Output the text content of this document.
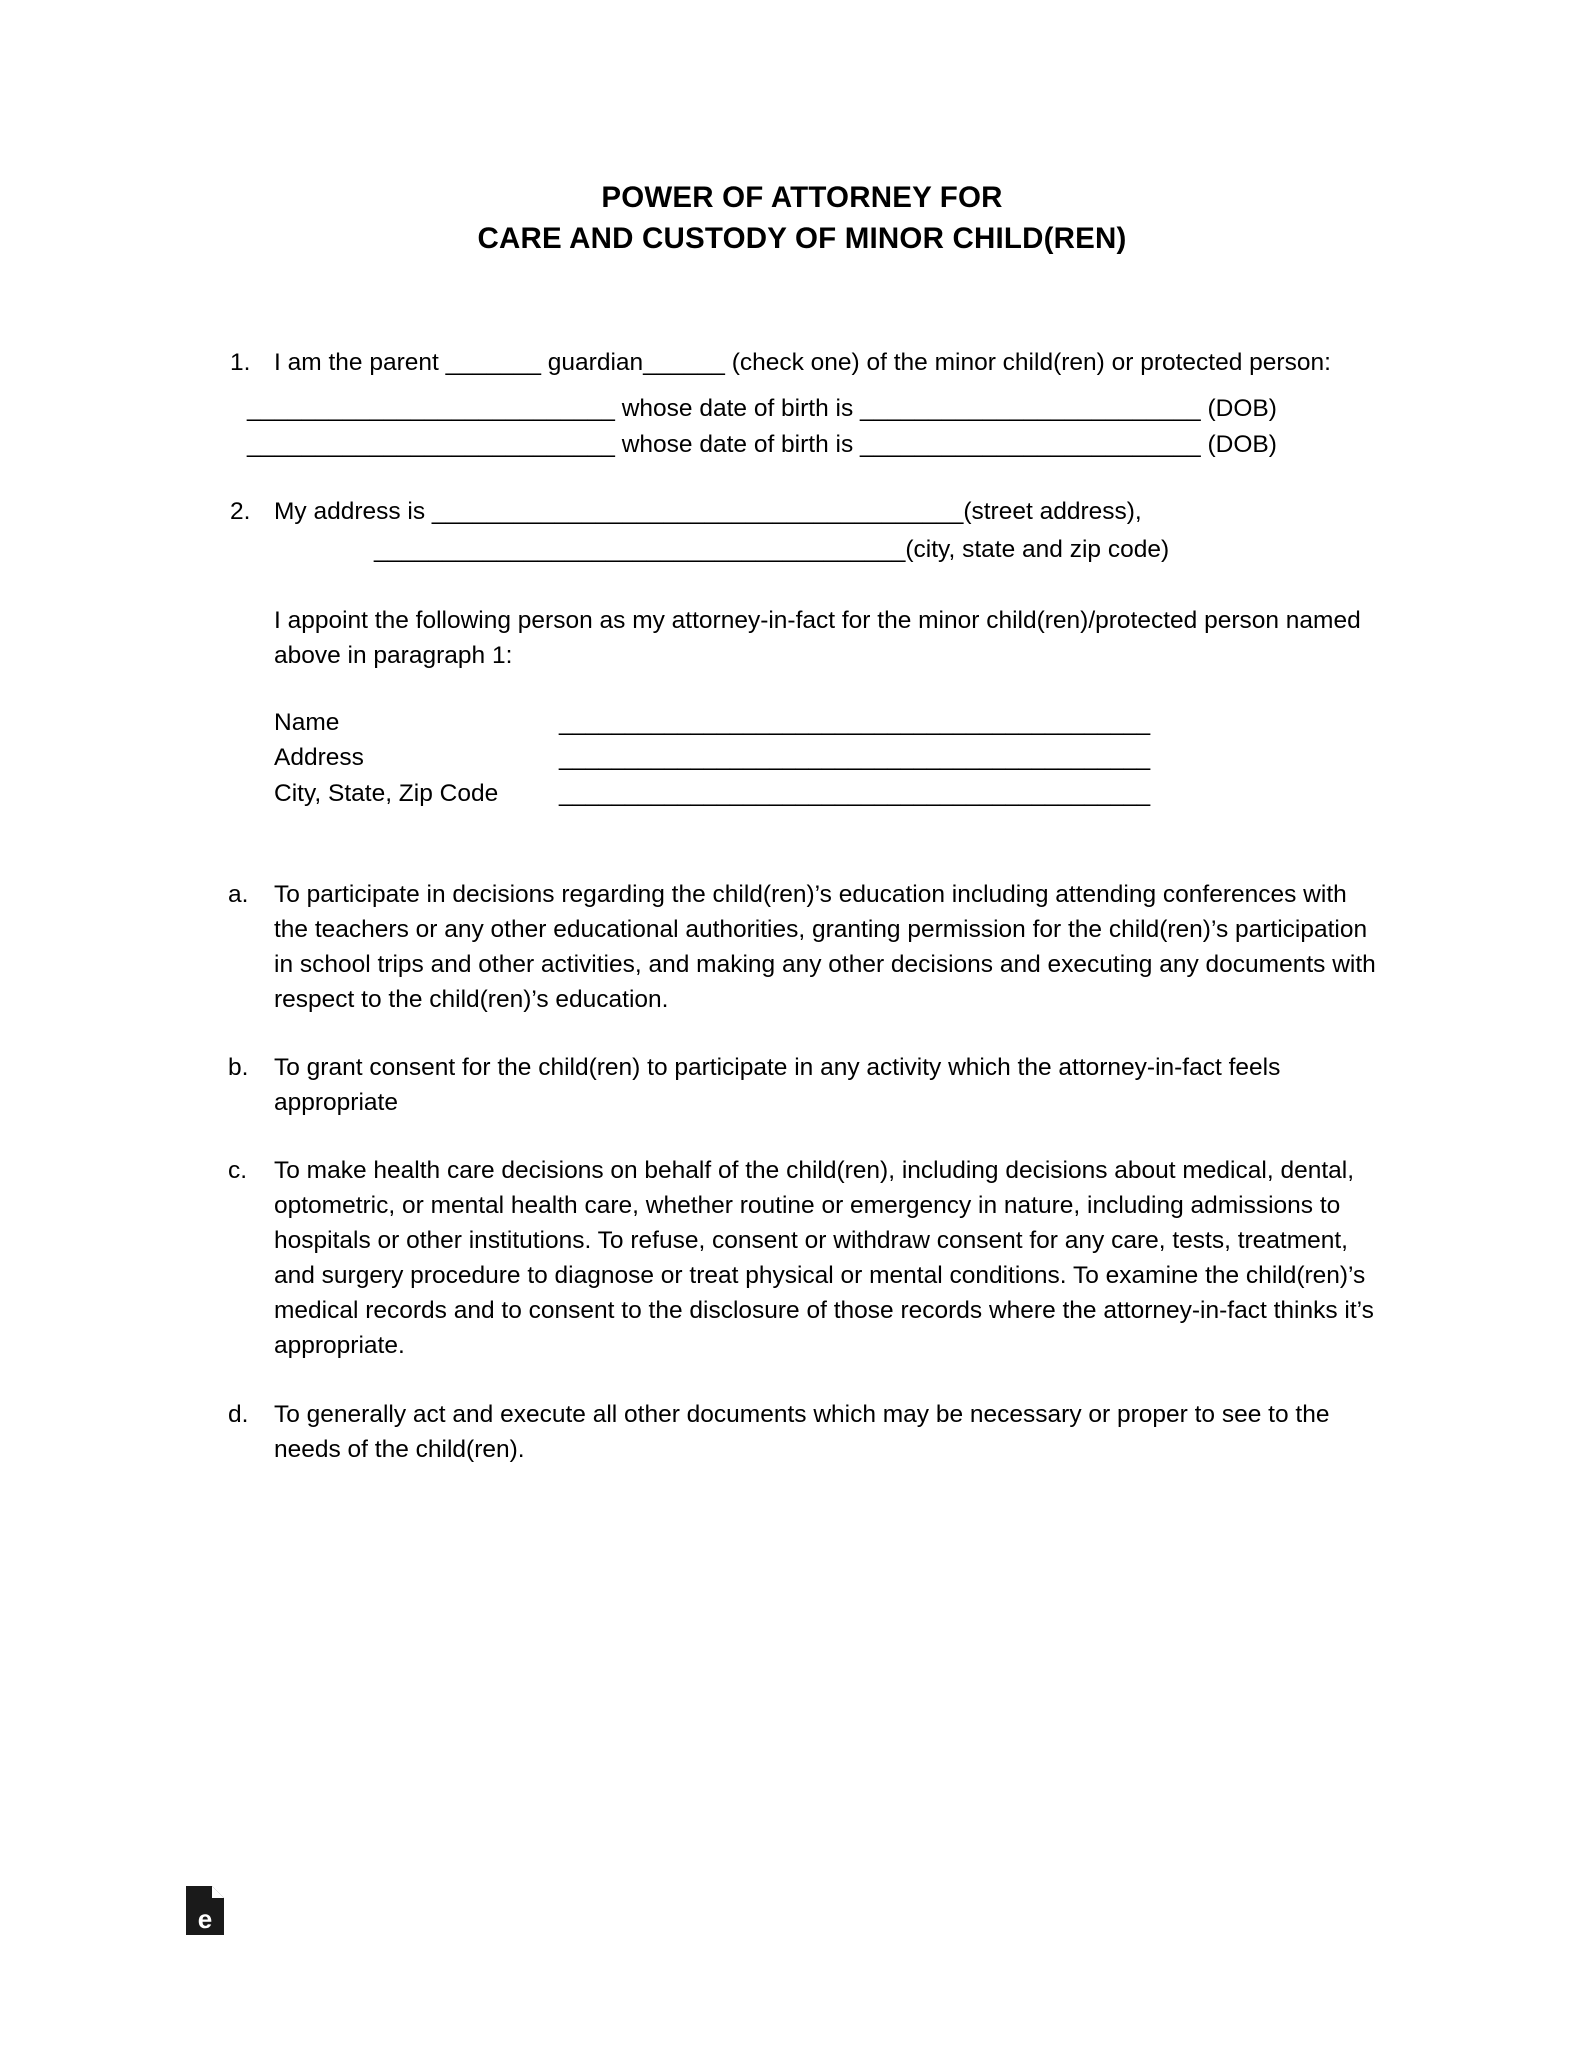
POWER OF ATTORNEY FOR
CARE AND CUSTODY OF MINOR CHILD(REN)
1. I am the parent _______ guardian______ (check one) of the minor child(ren) or protected person:
___________________________ whose date of birth is _________________________ (DOB)
___________________________ whose date of birth is _________________________ (DOB)
2. My address is _______________________________________(street address),
_______________________________________(city, state and zip code)
I appoint the following person as my attorney-in-fact for the minor child(ren)/protected person named above in paragraph 1:
Name	_____________________________________________
Address	_____________________________________________
City, State, Zip Code	_____________________________________________
a.	To participate in decisions regarding the child(ren)’s education including attending conferences with the teachers or any other educational authorities, granting permission for the child(ren)’s participation in school trips and other activities, and making any other decisions and executing any documents with respect to the child(ren)’s education.
b.	To grant consent for the child(ren) to participate in any activity which the attorney-in-fact feels appropriate
c.	To make health care decisions on behalf of the child(ren), including decisions about medical, dental, optometric, or mental health care, whether routine or emergency in nature, including admissions to hospitals or other institutions. To refuse, consent or withdraw consent for any care, tests, treatment, and surgery procedure to diagnose or treat physical or mental conditions. To examine the child(ren)’s medical records and to consent to the disclosure of those records where the attorney-in-fact thinks it’s appropriate.
d.	To generally act and execute all other documents which may be necessary or proper to see to the needs of the child(ren).
e
